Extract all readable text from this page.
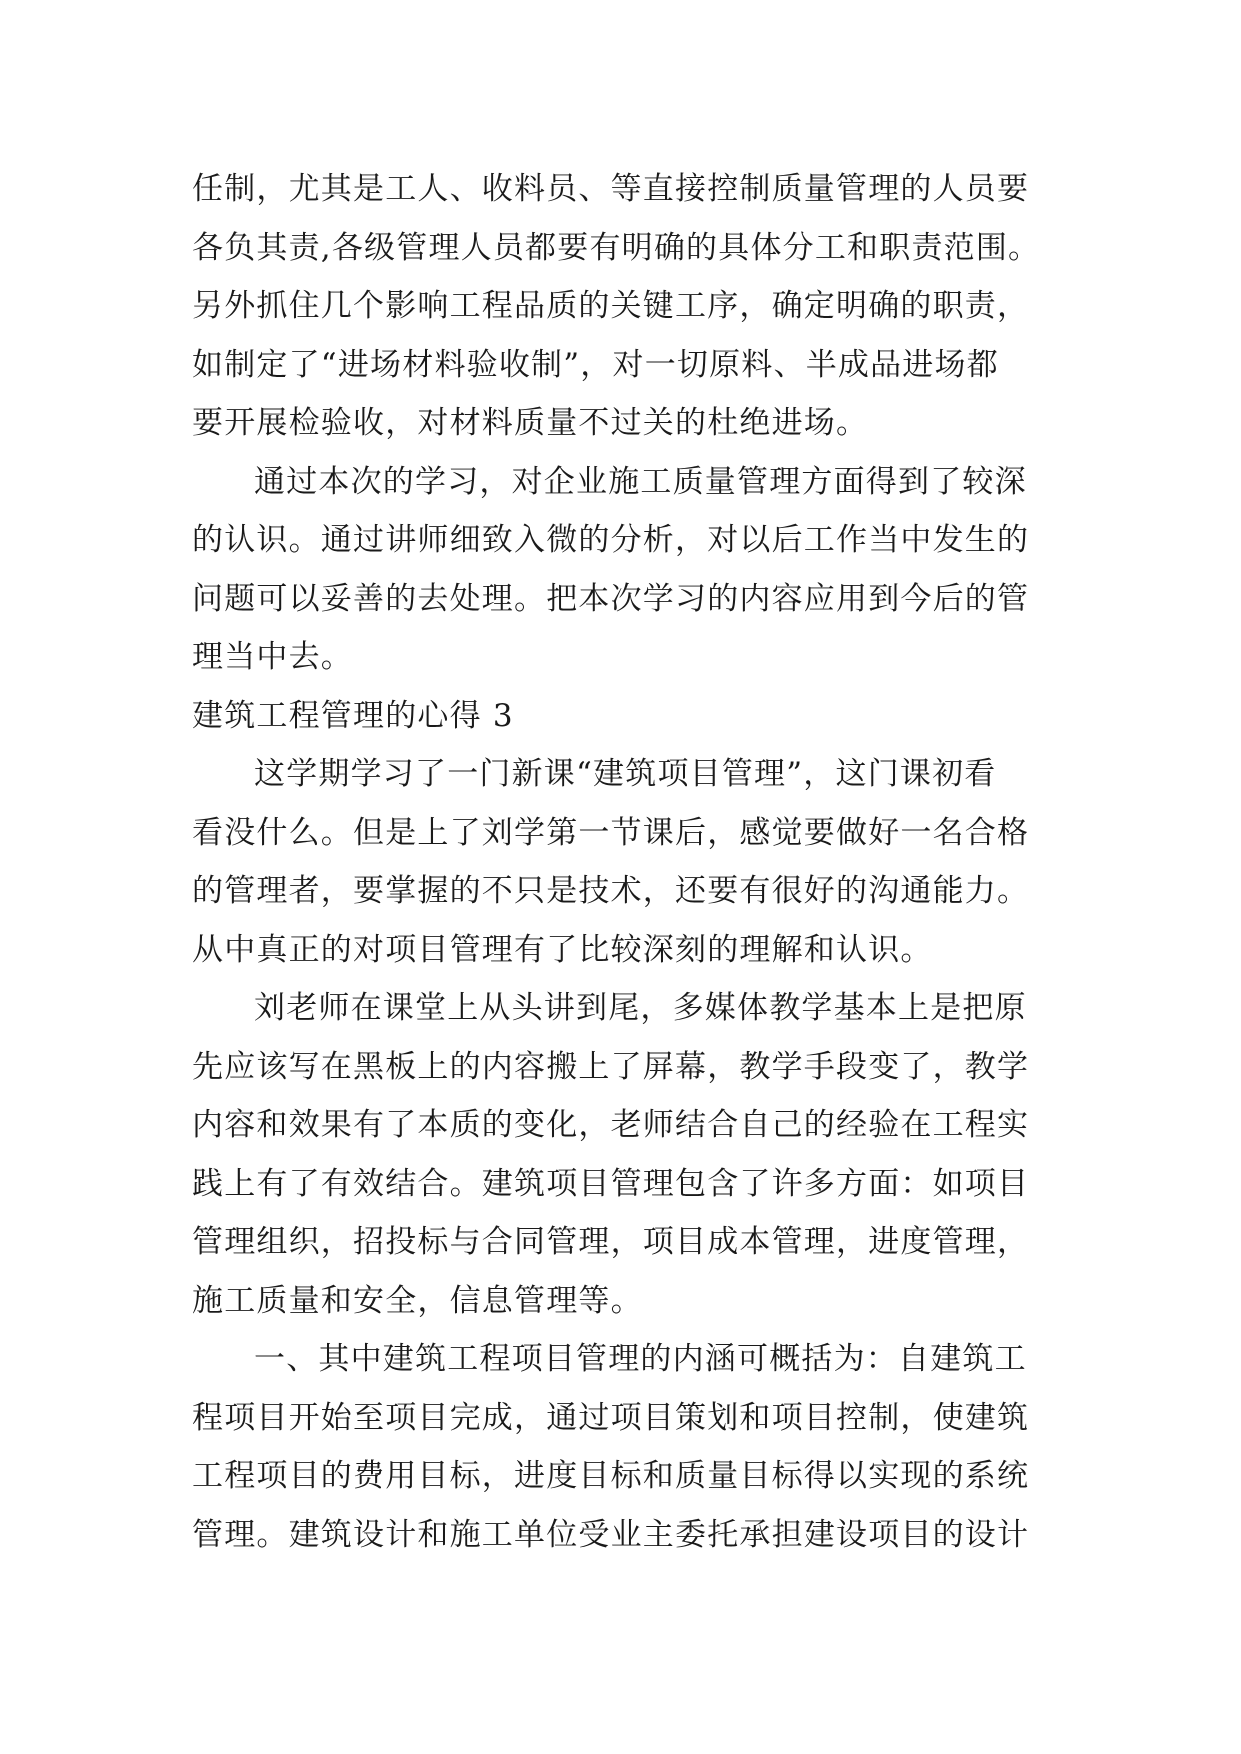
任制，尤其是工人、收料员、等直接控制质量管理的人员要
各负其责,各级管理人员都要有明确的具体分工和职责范围。
另外抓住几个影响工程品质的关键工序，确定明确的职责，
如制定了“进场材料验收制”，对一切原料、半成品进场都
要开展检验收，对材料质量不过关的杜绝进场。
通过本次的学习，对企业施工质量管理方面得到了较深
的认识。通过讲师细致入微的分析，对以后工作当中发生的
问题可以妥善的去处理。把本次学习的内容应用到今后的管
理当中去。
建筑工程管理的心得 3
这学期学习了一门新课“建筑项目管理”，这门课初看
看没什么。但是上了刘学第一节课后，感觉要做好一名合格
的管理者，要掌握的不只是技术，还要有很好的沟通能力。
从中真正的对项目管理有了比较深刻的理解和认识。
刘老师在课堂上从头讲到尾，多媒体教学基本上是把原
先应该写在黑板上的内容搬上了屏幕，教学手段变了，教学
内容和效果有了本质的变化，老师结合自己的经验在工程实
践上有了有效结合。建筑项目管理包含了许多方面：如项目
管理组织，招投标与合同管理，项目成本管理，进度管理，
施工质量和安全，信息管理等。
一、其中建筑工程项目管理的内涵可概括为：自建筑工
程项目开始至项目完成，通过项目策划和项目控制，使建筑
工程项目的费用目标，进度目标和质量目标得以实现的系统
管理。建筑设计和施工单位受业主委托承担建设项目的设计
